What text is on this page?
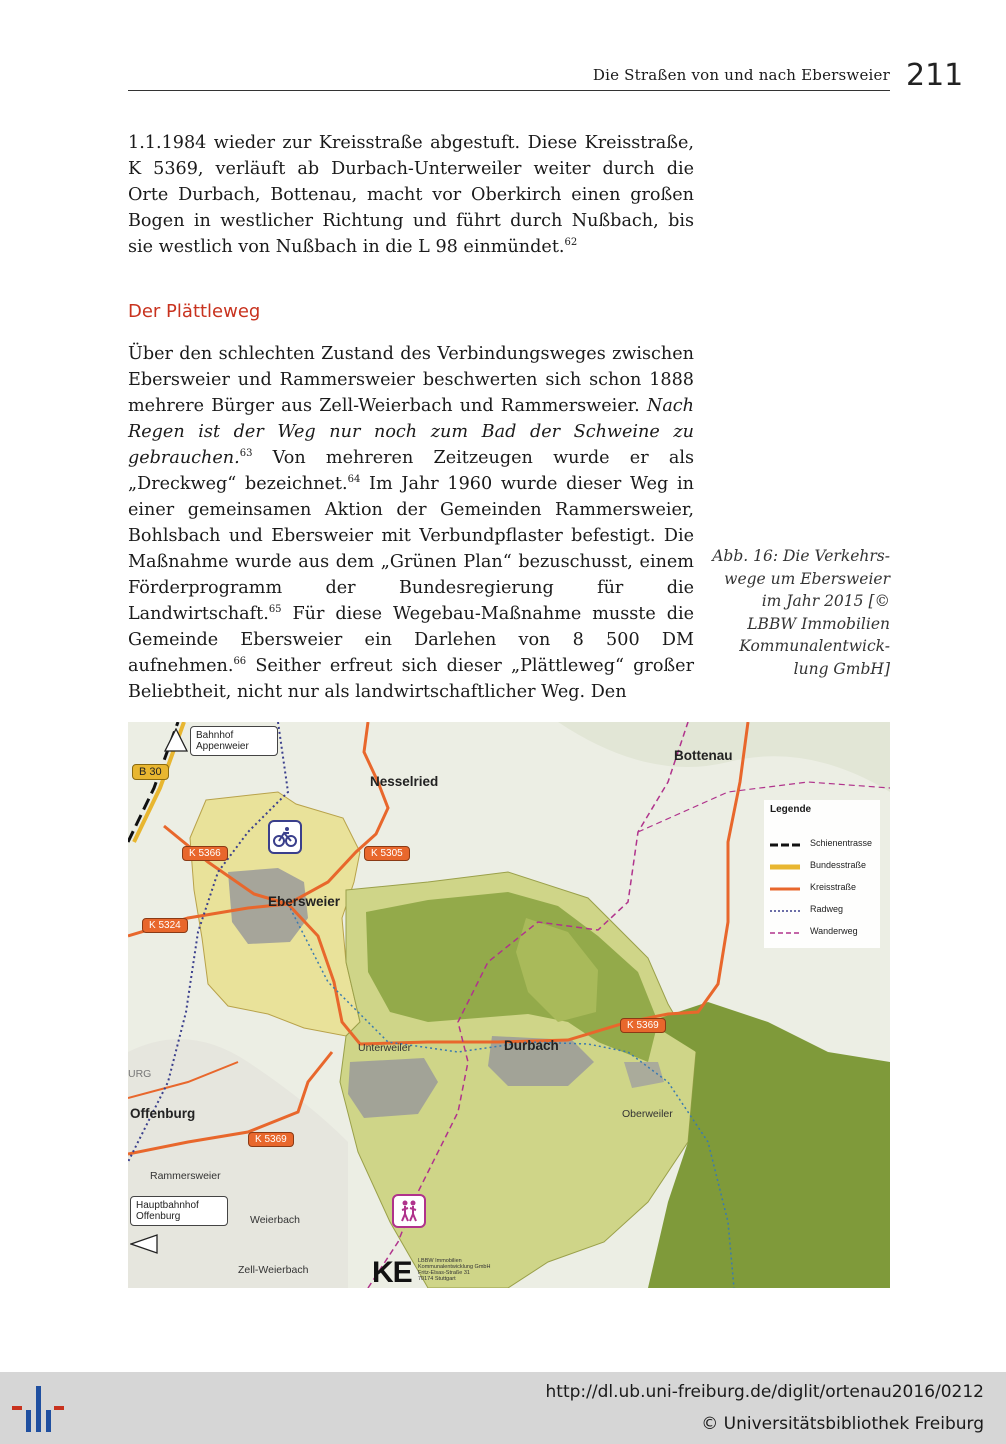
Die Straßen von und nach Ebersweier 211

1.1.1984 wieder zur Kreisstraße abgestuft. Diese Kreisstraße, K 5369, verläuft ab Durbach-Unterweiler weiter durch die Orte Durbach, Bottenau, macht vor Oberkirch einen großen Bogen in westlicher Richtung und führt durch Nußbach, bis sie westlich von Nußbach in die L 98 einmündet.$^{62}$

Der Plättleweg

Über den schlechten Zustand des Verbindungsweges zwischen Ebersweier und Rammersweier beschwerten sich schon 1888 mehrere Bürger aus Zell-Weierbach und Rammersweier. Nach Regen ist der Weg nur noch zum Bad der Schweine zu gebrauchen.$^{63}$ Von mehreren Zeitzeugen wurde er als „Dreckweg“ bezeichnet.$^{64}$ Im Jahr 1960 wurde dieser Weg in einer gemeinsamen Aktion der Gemeinden Rammersweier, Bohlsbach und Ebersweier mit Verbundpflaster befestigt. Die Maßnahme wurde aus dem „Grünen Plan“ bezuschusst, einem Förderprogramm der Bundesregierung für die Landwirtschaft.$^{65}$ Für diese Wegebau-Maßnahme musste die Gemeinde Ebersweier ein Darlehen von 8 500 DM aufnehmen.$^{66}$ Seither erfreut sich dieser „Plättleweg“ großer Beliebtheit, nicht nur als landwirtschaftlicher Weg. Den

Abb. 16: Die Verkehrs-
wege um Ebersweier
im Jahr 2015 [©
LBBW Immobilien
Kommunalentwick-
lung GmbH]
Nesselried
Bottenau
Ebersweier
Durbach
Offenburg
Unterweiler
Oberweiler
Rammersweier
Weierbach
Zell-Weierbach
URG
B 30
K 5366	K 5305
K 5324
K 5369
K 5369
Bahnhof
Appenweier
Hauptbahnhof
Offenburg
Legende
Schienentrasse
Bundesstraße
Kreisstraße
Radweg
Wanderweg
KE LBBW Immobilien
Kommunalentwicklung GmbH
Fritz-Elsas-Straße 31
70174 Stuttgart
http://dl.ub.uni-freiburg.de/diglit/ortenau2016/0212
© Universitätsbibliothek Freiburg
